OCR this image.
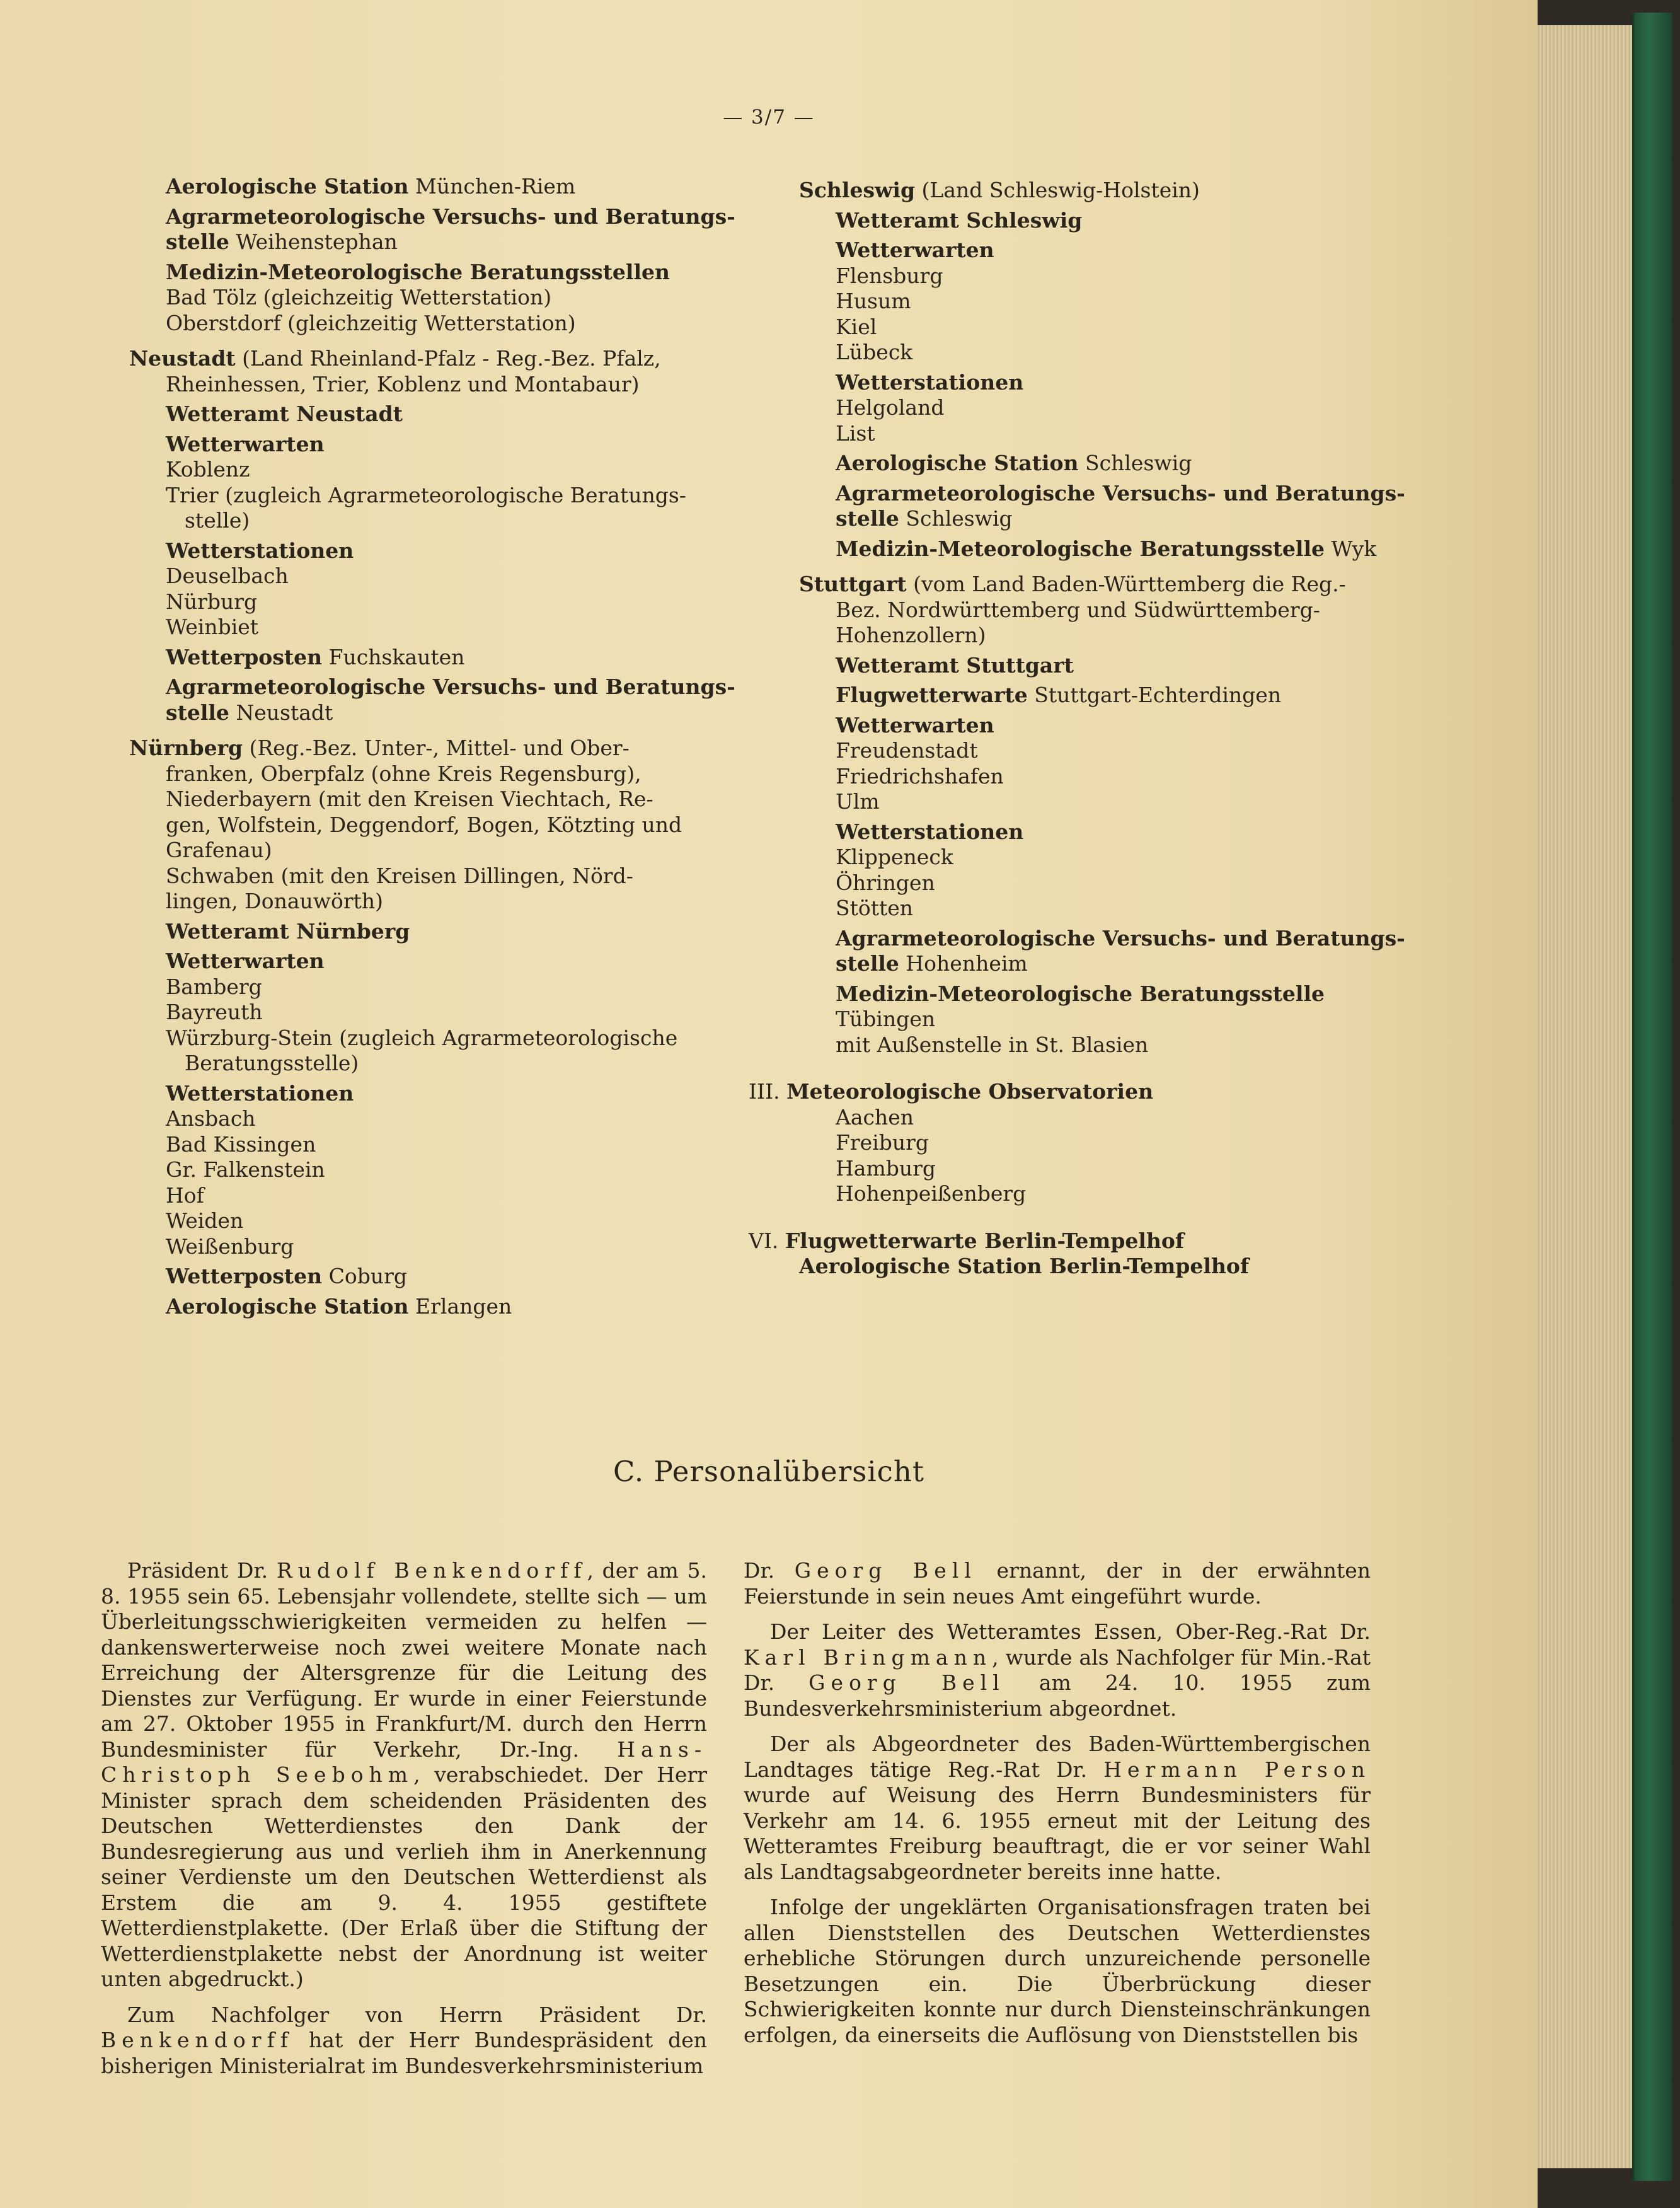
— 3/7 —
Aerologische Station München-Riem
Agrarmeteorologische Versuchs- und Beratungs-
stelle Weihenstephan
Medizin-Meteorologische Beratungsstellen
Bad Tölz (gleichzeitig Wetterstation)
Oberstdorf (gleichzeitig Wetterstation)
Neustadt (Land Rheinland-Pfalz - Reg.-Bez. Pfalz,
Rheinhessen, Trier, Koblenz und Montabaur)
Wetteramt Neustadt
Wetterwarten
Koblenz
Trier (zugleich Agrarmeteorologische Beratungs-
stelle)
Wetterstationen
Deuselbach
Nürburg
Weinbiet
Wetterposten Fuchskauten
Agrarmeteorologische Versuchs- und Beratungs-
stelle Neustadt
Nürnberg (Reg.-Bez. Unter-, Mittel- und Ober-
franken, Oberpfalz (ohne Kreis Regensburg),
Niederbayern (mit den Kreisen Viechtach, Re-
gen, Wolfstein, Deggendorf, Bogen, Kötzting und
Grafenau)
Schwaben (mit den Kreisen Dillingen, Nörd-
lingen, Donauwörth)
Wetteramt Nürnberg
Wetterwarten
Bamberg
Bayreuth
Würzburg-Stein (zugleich Agrarmeteorologische
Beratungsstelle)
Wetterstationen
Ansbach
Bad Kissingen
Gr. Falkenstein
Hof
Weiden
Weißenburg
Wetterposten Coburg
Aerologische Station Erlangen
Schleswig (Land Schleswig-Holstein)
Wetteramt Schleswig
Wetterwarten
Flensburg
Husum
Kiel
Lübeck
Wetterstationen
Helgoland
List
Aerologische Station Schleswig
Agrarmeteorologische Versuchs- und Beratungs-
stelle Schleswig
Medizin-Meteorologische Beratungsstelle Wyk
Stuttgart (vom Land Baden-Württemberg die Reg.-
Bez. Nordwürttemberg und Südwürttemberg-
Hohenzollern)
Wetteramt Stuttgart
Flugwetterwarte Stuttgart-Echterdingen
Wetterwarten
Freudenstadt
Friedrichshafen
Ulm
Wetterstationen
Klippeneck
Öhringen
Stötten
Agrarmeteorologische Versuchs- und Beratungs-
stelle Hohenheim
Medizin-Meteorologische Beratungsstelle
Tübingen
mit Außenstelle in St. Blasien
III. Meteorologische Observatorien
Aachen
Freiburg
Hamburg
Hohenpeißenberg
VI. Flugwetterwarte Berlin-Tempelhof
Aerologische Station Berlin-Tempelhof
C. Personalübersicht

Präsident Dr. Rudolf Benkendorff, der am 5. 8. 1955 sein 65. Lebensjahr vollendete, stellte sich — um Überleitungsschwierigkeiten vermeiden zu helfen — dankenswerterweise noch zwei weitere Monate nach Erreichung der Altersgrenze für die Leitung des Dienstes zur Verfügung. Er wurde in einer Feierstunde am 27. Oktober 1955 in Frankfurt/M. durch den Herrn Bundesminister für Verkehr, Dr.-Ing. Hans-Christoph Seebohm, verabschiedet. Der Herr Minister sprach dem scheidenden Präsidenten des Deutschen Wetterdienstes den Dank der Bundesregierung aus und verlieh ihm in Anerkennung seiner Verdienste um den Deutschen Wetterdienst als Erstem die am 9. 4. 1955 gestiftete Wetterdienstplakette. (Der Erlaß über die Stiftung der Wetterdienstplakette nebst der Anordnung ist weiter unten abgedruckt.)

Zum Nachfolger von Herrn Präsident Dr. Benkendorff hat der Herr Bundespräsident den bisherigen Ministerialrat im Bundesverkehrsministerium

Dr. Georg Bell ernannt, der in der erwähnten Feierstunde in sein neues Amt eingeführt wurde.

Der Leiter des Wetteramtes Essen, Ober-Reg.-Rat Dr. Karl Bringmann, wurde als Nachfolger für Min.-Rat Dr. Georg Bell am 24. 10. 1955 zum Bundesverkehrsministerium abgeordnet.

Der als Abgeordneter des Baden-Württembergischen Landtages tätige Reg.-Rat Dr. Hermann Person wurde auf Weisung des Herrn Bundesministers für Verkehr am 14. 6. 1955 erneut mit der Leitung des Wetteramtes Freiburg beauftragt, die er vor seiner Wahl als Landtagsabgeordneter bereits inne hatte.

Infolge der ungeklärten Organisationsfragen traten bei allen Dienststellen des Deutschen Wetterdienstes erhebliche Störungen durch unzureichende personelle Besetzungen ein. Die Überbrückung dieser Schwierigkeiten konnte nur durch Diensteinschränkungen erfolgen, da einerseits die Auflösung von Dienststellen bis
